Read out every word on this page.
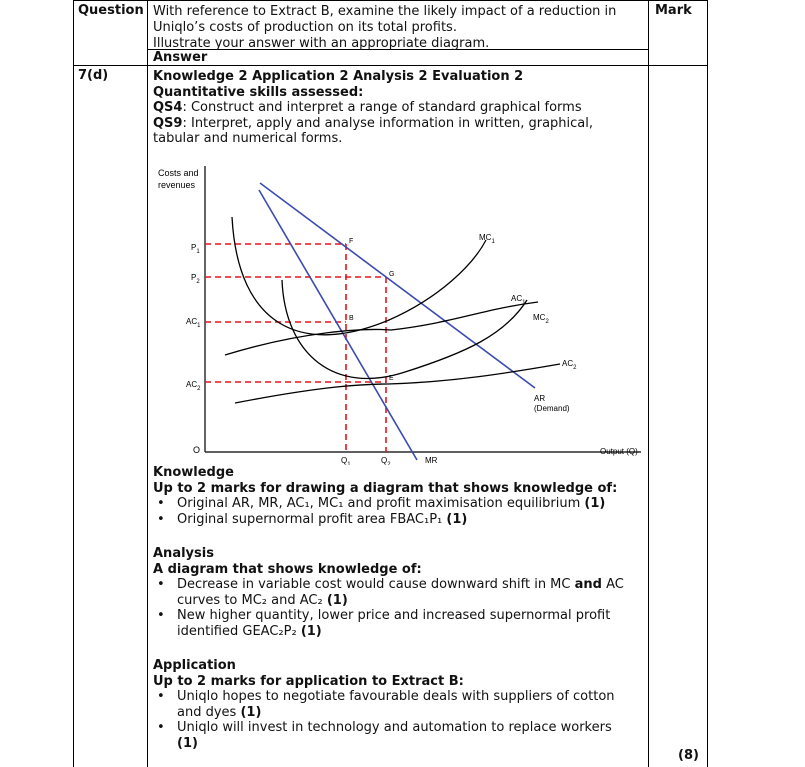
Question With reference to Extract B, examine the likely impact of a reduction in
Uniqlo’s costs of production on its total profits.
Illustrate your answer with an appropriate diagram.
Answer
Mark
7(d)
(8)
Knowledge 2 Application 2 Analysis 2 Evaluation 2
Quantitative skills assessed:
QS4: Construct and interpret a range of standard graphical forms
QS9: Interpret, apply and analyse information in written, graphical,
tabular and numerical forms.
Costs and
revenues
Output (Q)
O
$P_1$
$P_2$
$AC_1$
$AC_2$
$Q_1$	$Q_2$
$MC_1$
$AC_1$
$MC_2$
$AC_2$
AR
(Demand)
MR
F
G
B
E
Knowledge
Up to 2 marks for drawing a diagram that shows knowledge of:
• Original AR, MR, AC₁, MC₁ and profit maximisation equilibrium (1)
• Original supernormal profit area FBAC₁P₁ (1)
Analysis
A diagram that shows knowledge of:
• Decrease in variable cost would cause downward shift in MC and AC
curves to MC₂ and AC₂ (1)
• New higher quantity, lower price and increased supernormal profit
identified GEAC₂P₂ (1)
Application
Up to 2 marks for application to Extract B:
• Uniqlo hopes to negotiate favourable deals with suppliers of cotton
and dyes (1)
• Uniqlo will invest in technology and automation to replace workers
(1)
